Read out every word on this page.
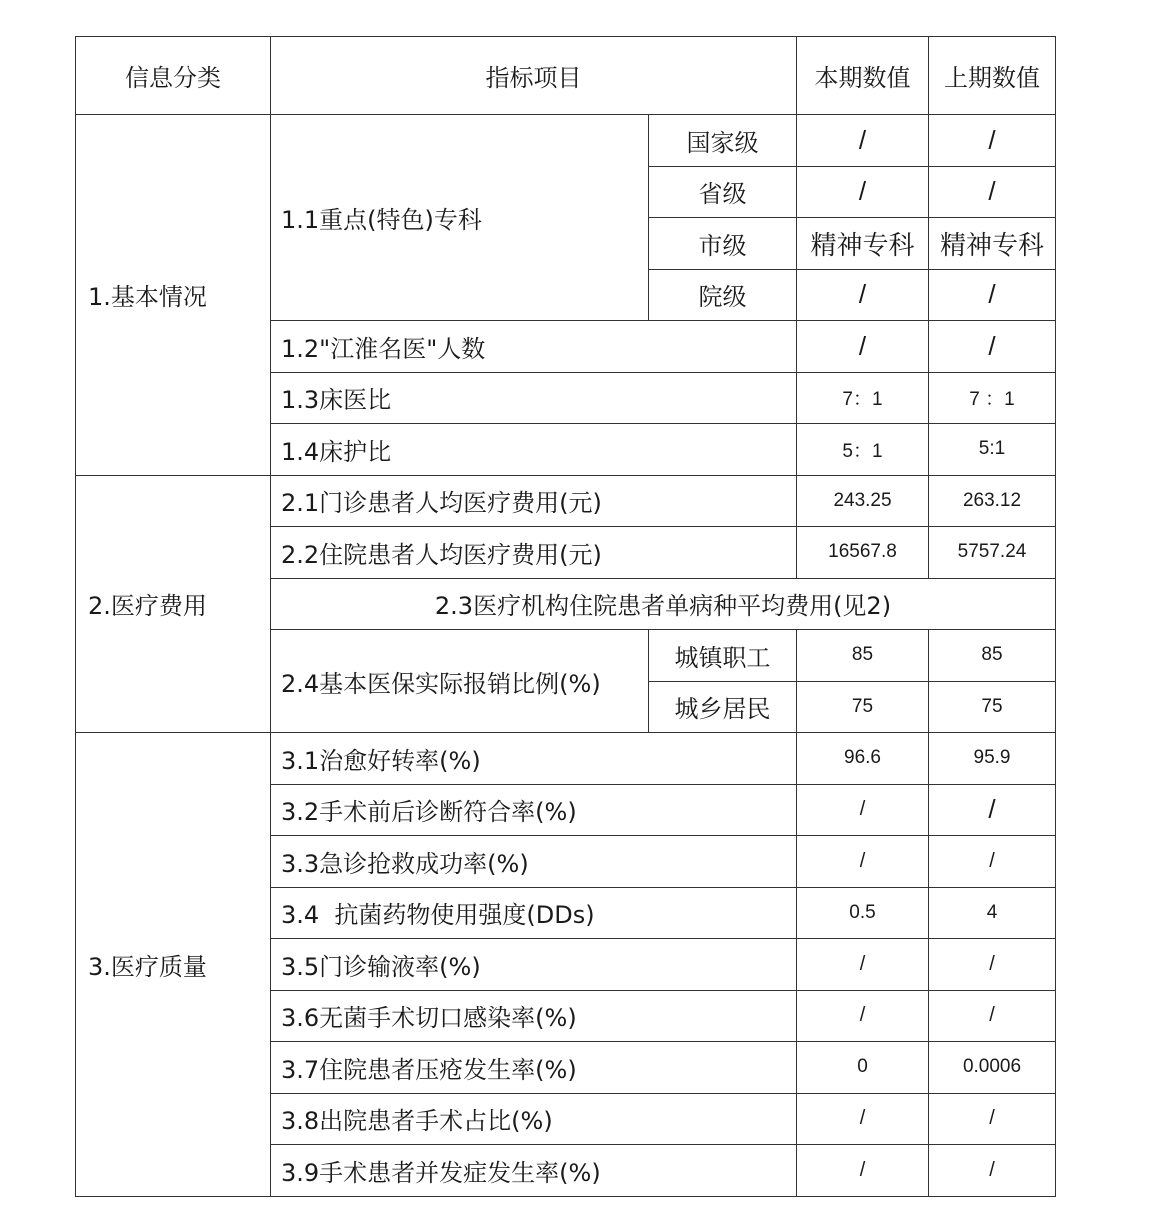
信息分类	指标项目		本期数值	上期数值
1.基本情况	1.1重点(特色)专科	国家级	/	/
		省级	/	/
		市级	精神专科	精神专科
		院级	/	/
	1.2"江淮名医"人数		/	/
	1.3床医比		7：1	7 ：1
	1.4床护比		5：1	5:1
2.医疗费用	2.1门诊患者人均医疗费用(元)		243.25	263.12
	2.2住院患者人均医疗费用(元)		16567.8	5757.24
	2.3医疗机构住院患者单病种平均费用(见2)			
	2.4基本医保实际报销比例(%)	城镇职工	85	85
		城乡居民	75	75
3.医疗质量	3.1治愈好转率(%)		96.6	95.9
	3.2手术前后诊断符合率(%)		/	/
	3.3急诊抢救成功率(%)		/	/
	3.4  抗菌药物使用强度(DDs)		0.5	4
	3.5门诊输液率(%)		/	/
	3.6无菌手术切口感染率(%)		/	/
	3.7住院患者压疮发生率(%)		0	0.0006
	3.8出院患者手术占比(%)		/	/
	3.9手术患者并发症发生率(%)		/	/
